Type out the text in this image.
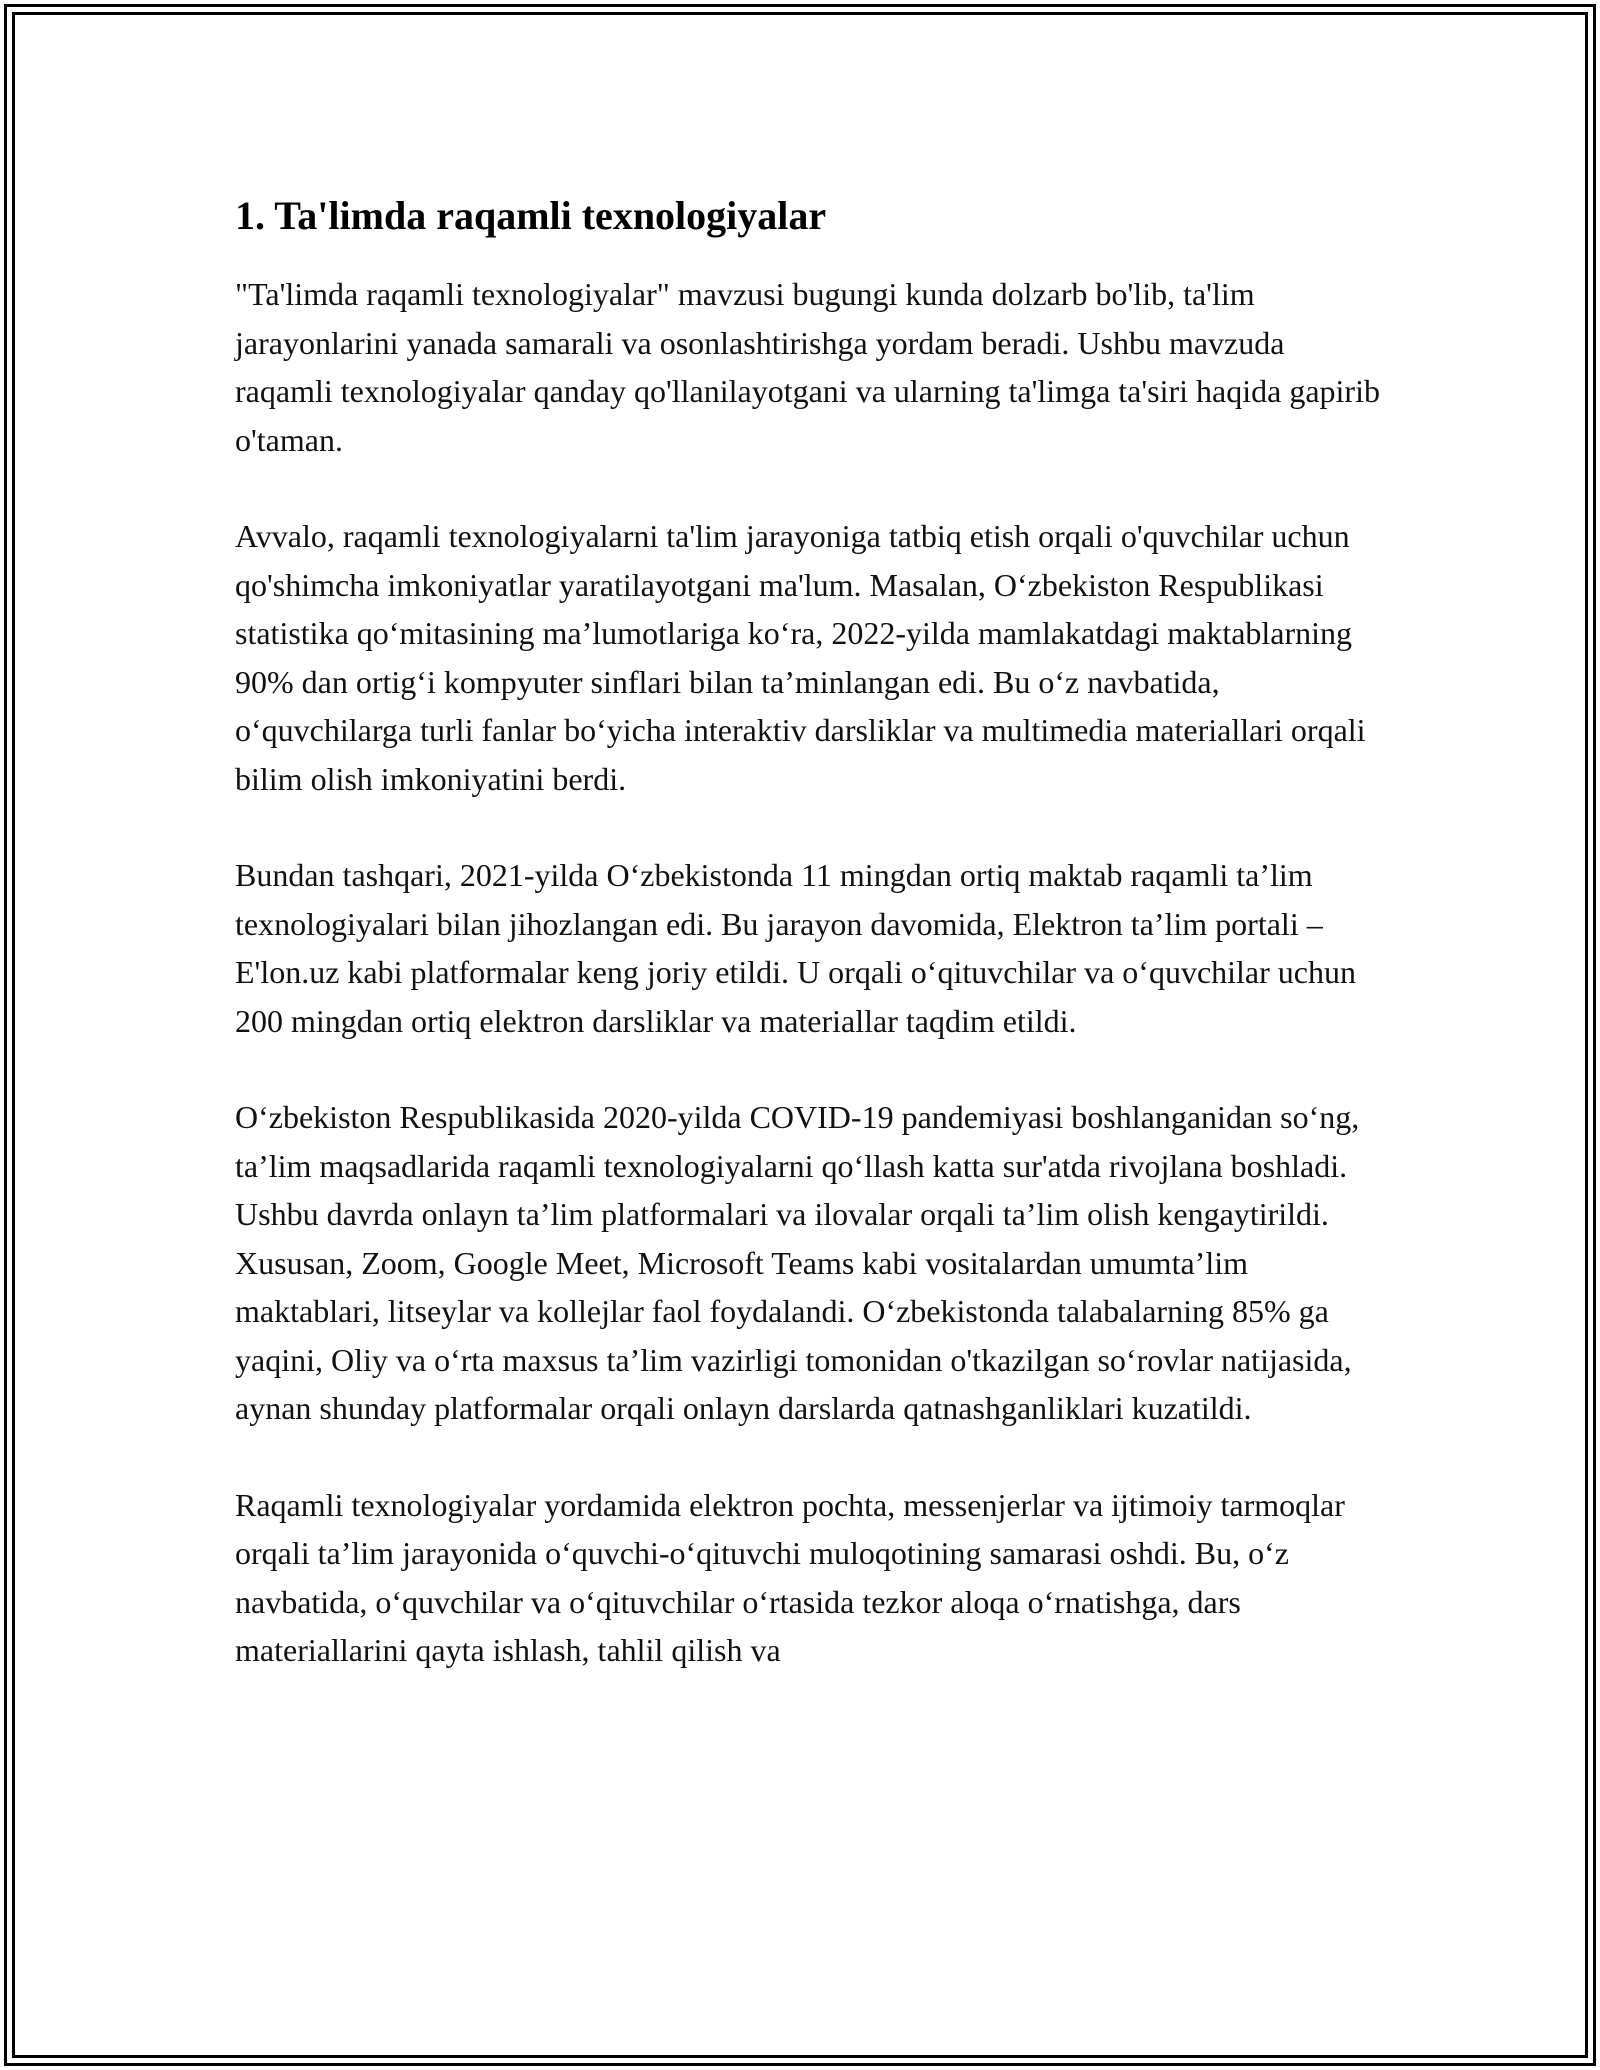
1. Ta'limda raqamli texnologiyalar

"Ta'limda raqamli texnologiyalar" mavzusi bugungi kunda dolzarb bo'lib, ta'lim jarayonlarini yanada samarali va osonlashtirishga yordam beradi. Ushbu mavzuda raqamli texnologiyalar qanday qo'llanilayotgani va ularning ta'limga ta'siri haqida gapirib o'taman.

Avvalo, raqamli texnologiyalarni ta'lim jarayoniga tatbiq etish orqali o'quvchilar uchun qo'shimcha imkoniyatlar yaratilayotgani ma'lum. Masalan, O‘zbekiston Respublikasi statistika qo‘mitasining ma’lumotlariga ko‘ra, 2022-yilda mamlakatdagi maktablarning 90% dan ortig‘i kompyuter sinflari bilan ta’minlangan edi. Bu o‘z navbatida, o‘quvchilarga turli fanlar bo‘yicha interaktiv darsliklar va multimedia materiallari orqali bilim olish imkoniyatini berdi.

Bundan tashqari, 2021-yilda O‘zbekistonda 11 mingdan ortiq maktab raqamli ta’lim texnologiyalari bilan jihozlangan edi. Bu jarayon davomida, Elektron ta’lim portali – E'lon.uz kabi platformalar keng joriy etildi. U orqali o‘qituvchilar va o‘quvchilar uchun 200 mingdan ortiq elektron darsliklar va materiallar taqdim etildi.

O‘zbekiston Respublikasida 2020-yilda COVID-19 pandemiyasi boshlanganidan so‘ng, ta’lim maqsadlarida raqamli texnologiyalarni qo‘llash katta sur'atda rivojlana boshladi. Ushbu davrda onlayn ta’lim platformalari va ilovalar orqali ta’lim olish kengaytirildi. Xususan, Zoom, Google Meet, Microsoft Teams kabi vositalardan umumta’lim maktablari, litseylar va kollejlar faol foydalandi. O‘zbekistonda talabalarning 85% ga yaqini, Oliy va o‘rta maxsus ta’lim vazirligi tomonidan o'tkazilgan so‘rovlar natijasida, aynan shunday platformalar orqali onlayn darslarda qatnashganliklari kuzatildi.

Raqamli texnologiyalar yordamida elektron pochta, messenjerlar va ijtimoiy tarmoqlar orqali ta’lim jarayonida o‘quvchi-o‘qituvchi muloqotining samarasi oshdi. Bu, o‘z navbatida, o‘quvchilar va o‘qituvchilar o‘rtasida tezkor aloqa o‘rnatishga, dars materiallarini qayta ishlash, tahlil qilish va
